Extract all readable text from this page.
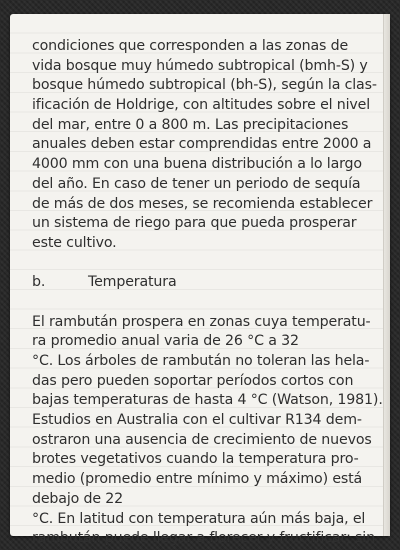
condiciones que corresponden a las zonas de
vida bosque muy húmedo subtropical (bmh-S) y
bosque húmedo subtropical (bh-S), según la clas-
ificación de Holdrige, con altitudes sobre el nivel
del mar, entre 0 a 800 m. Las precipitaciones
anuales deben estar comprendidas entre 2000 a
4000 mm con una buena distribución a lo largo
del año. En caso de tener un periodo de sequía
de más de dos meses, se recomienda establecer
un sistema de riego para que pueda prosperar
este cultivo.
b.	Temperatura
El rambután prospera en zonas cuya temperatu-
ra promedio anual varia de 26 °C a 32
°C. Los árboles de rambután no toleran las hela-
das pero pueden soportar períodos cortos con
bajas temperaturas de hasta 4 °C (Watson, 1981).
Estudios en Australia con el cultivar R134 dem-
ostraron una ausencia de crecimiento de nuevos
brotes vegetativos cuando la temperatura pro-
medio (promedio entre mínimo y máximo) está
debajo de 22
°C. En latitud con temperatura aún más baja, el
rambután puede llegar a florecer y fructificar; sin
